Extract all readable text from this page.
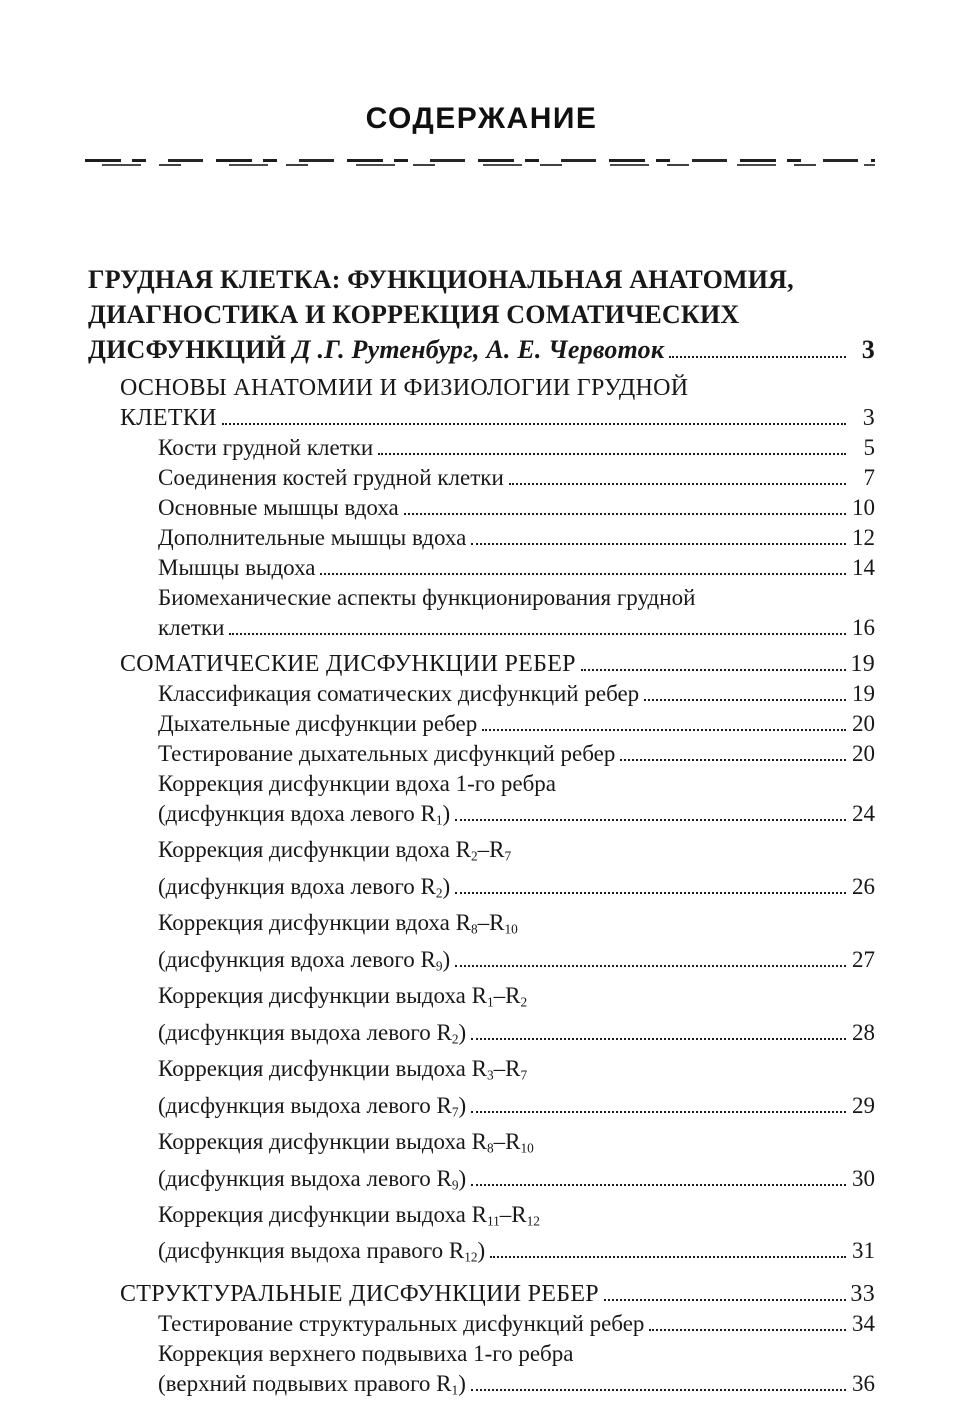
СОДЕРЖАНИЕ
ГРУДНАЯ КЛЕТКА: ФУНКЦИОНАЛЬНАЯ АНАТОМИЯ,
ДИАГНОСТИКА И КОРРЕКЦИЯ СОМАТИЧЕСКИХ
ДИСФУНКЦИЙ Д .Г. Рутенбург, А. Е. Червоток	3
ОСНОВЫ АНАТОМИИ И ФИЗИОЛОГИИ ГРУДНОЙ
КЛЕТКИ	3
Кости грудной клетки	5
Соединения костей грудной клетки	7
Основные мышцы вдоха	10
Дополнительные мышцы вдоха	12
Мышцы выдоха	14
Биомеханические аспекты функционирования грудной
клетки	16
СОМАТИЧЕСКИЕ ДИСФУНКЦИИ РЕБЕР	19
Классификация соматических дисфункций ребер	19
Дыхательные дисфункции ребер	20
Тестирование дыхательных дисфункций ребер	20
Коррекция дисфункции вдоха 1-го ребра
(дисфункция вдоха левого $R_1$)	24
Коррекция дисфункции вдоха $R_2-R_7$
(дисфункция вдоха левого $R_2$)	26
Коррекция дисфункции вдоха $R_8-R_{10}$
(дисфункция вдоха левого $R_9$)	27
Коррекция дисфункции выдоха $R_1-R_2$
(дисфункция выдоха левого $R_2$)	28
Коррекция дисфункции выдоха $R_3-R_7$
(дисфункция выдоха левого $R_7$)	29
Коррекция дисфункции выдоха $R_8-R_{10}$
(дисфункция выдоха левого $R_9$)	30
Коррекция дисфункции выдоха $R_{11}-R_{12}$
(дисфункция выдоха правого $R_{12}$)	31
СТРУКТУРАЛЬНЫЕ ДИСФУНКЦИИ РЕБЕР	33
Тестирование структуральных дисфункций ребер	34
Коррекция верхнего подвывиха 1-го ребра
(верхний подвывих правого $R_1$)	36
